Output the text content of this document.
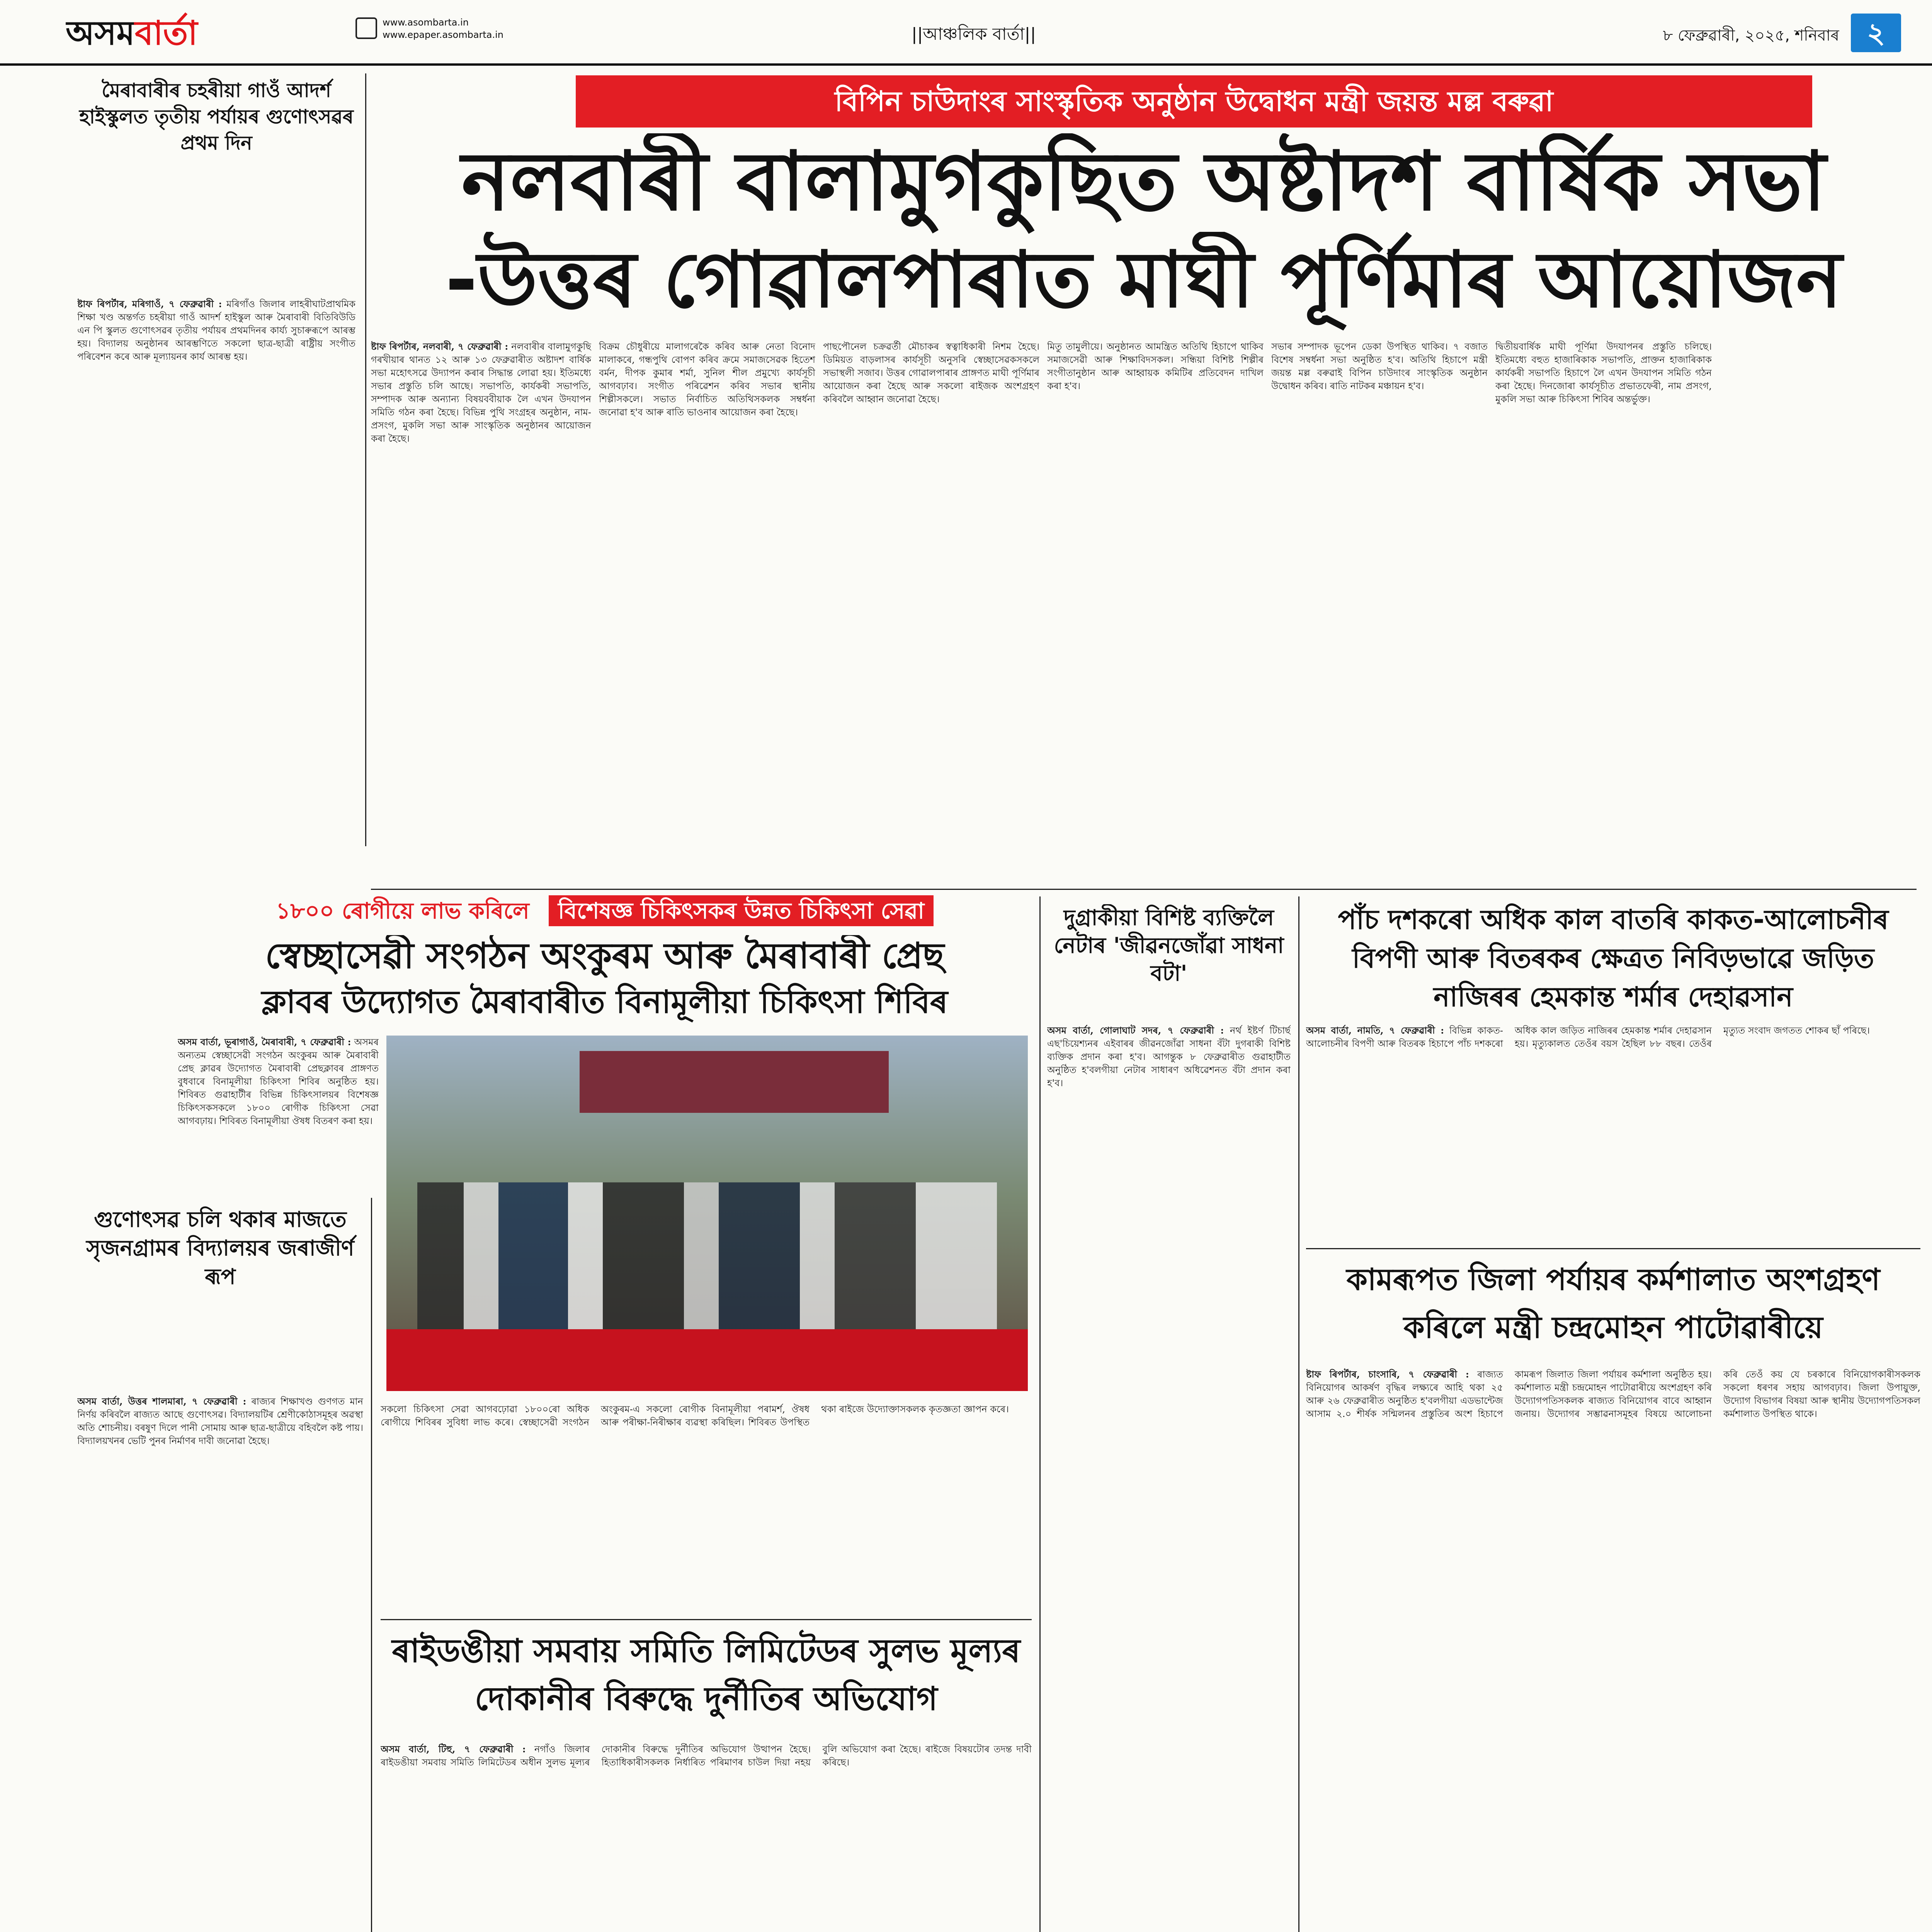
অসমবাৰ্তা	www.asombarta.in
www.epaper.asombarta.in	||আঞ্চলিক বাৰ্তা||	৮ ফেব্ৰুৱাৰী, ২০২৫, শনিবাৰ ২
মৈৰাবাৰীৰ চহৰীয়া গাওঁ আদৰ্শ হাইস্কুলত তৃতীয় পৰ্যায়ৰ গুণোৎসৱৰ প্ৰথম দিন
ষ্টাফ ৰিপৰ্টাৰ, মৰিগাওঁ, ৭ ফেব্ৰুৱাৰী : মৰিগাঁও জিলাৰ লাহৰীঘাটপ্ৰাথমিক শিক্ষা খণ্ড অন্তৰ্গত চহৰীয়া গাওঁ আদৰ্শ হাইস্কুল আৰু মৈৰাবাৰী বিতিবিউডি এন পি স্কুলত গুণোৎসৱৰ তৃতীয় পৰ্যায়ৰ প্ৰথমদিনৰ কাৰ্য্য সুচাৰুৰূপে আৰম্ভ হয়। বিদ্যালয় অনুষ্ঠানৰ আৰম্ভণিতে সকলো ছাত্ৰ-ছাত্ৰী ৰাষ্ট্ৰীয় সংগীত পৰিবেশন কৰে আৰু মূল্যায়নৰ কাৰ্য আৰম্ভ হয়।
বিপিন চাউদাংৰ সাংস্কৃতিক অনুষ্ঠান উদ্বোধন মন্ত্ৰী জয়ন্ত মল্ল বৰুৱা
নলবাৰী বালামুগকুছিত অষ্টাদশ বাৰ্ষিক সভা
-উত্তৰ গোৱালপাৰাত মাঘী পূৰ্ণিমাৰ আয়োজন
ষ্টাফ ৰিপৰ্টাৰ, নলবাৰী, ৭ ফেব্ৰুৱাৰী : নলবাৰীৰ বালামুগকুছি গৰখীয়াৰ থানত ১২ আৰু ১৩ ফেব্ৰুৱাৰীত অষ্টাদশ বাৰ্ষিক সভা মহোৎসৱে উদ্যাপন কৰাৰ সিদ্ধান্ত লোৱা হয়। ইতিমধ্যে সভাৰ প্ৰস্তুতি চলি আছে। সভাপতি, কাৰ্যকৰী সভাপতি, সম্পাদক আৰু অন্যান্য বিষয়ববীয়াক লৈ এখন উদযাপন সমিতি গঠন কৰা হৈছে। বিভিন্ন পুথি সংগ্ৰহৰ অনুষ্ঠান, নাম-প্ৰসংগ, মুকলি সভা আৰু সাংস্কৃতিক অনুষ্ঠানৰ আয়োজন কৰা হৈছে।
বিক্ৰম চৌধুৰীয়ে মালাগৰেকৈ কৰিব আৰু নেতা বিনোদ মালাকৰে, গন্ধপুথি বোপণ কৰিব ক্ৰমে সমাজসেৱক হিতেশ বৰ্মন, দীপক কুমাৰ শৰ্মা, সুনিল শীল প্ৰমুখ্যে কাৰ্যসূচী আগবঢ়াব। সংগীত পৰিৱেশন কৰিব সভাৰ স্থানীয় শিল্পীসকলে। সভাত নিৰ্বাচিত অতিথিসকলক সম্বৰ্ধনা জনোৱা হ'ব আৰু ৰাতি ভাওনাৰ আয়োজন কৰা হৈছে।
পাছপৌনেল চক্ৰৱৰ্তী মৌচাকৰ স্বত্বাধিকাৰী নিশম হৈছে। ডিমিয়ত বাড়লাসৰ কাৰ্যসূচী অনুসৰি স্বেচ্ছাসেৱকসকলে সভাস্থলী সজাব। উত্তৰ গোৱালপাৰাৰ প্ৰাঙ্গণত মাঘী পূৰ্ণিমাৰ আয়োজন কৰা হৈছে আৰু সকলো ৰাইজক অংশগ্ৰহণ কৰিবলৈ আহ্বান জনোৱা হৈছে।
মিতু তামুলীয়ে। অনুষ্ঠানত আমন্ত্ৰিত অতিথি হিচাপে থাকিব সমাজসেৱী আৰু শিক্ষাবিদসকল। সন্ধিয়া বিশিষ্ট শিল্পীৰ সংগীতানুষ্ঠান আৰু আহ্বায়ক কমিটিৰ প্ৰতিবেদন দাখিল কৰা হ'ব।
সভাৰ সম্পাদক ভূপেন ডেকা উপস্থিত থাকিব। ৭ বজাত বিশেষ সম্বৰ্ধনা সভা অনুষ্ঠিত হ'ব। অতিথি হিচাপে মন্ত্ৰী জয়ন্ত মল্ল বৰুৱাই বিপিন চাউদাংৰ সাংস্কৃতিক অনুষ্ঠান উদ্বোধন কৰিব। ৰাতি নাটকৰ মঞ্চায়ন হ'ব।
দ্বিতীয়বাৰ্ষিক মাঘী পূৰ্ণিমা উদযাপনৰ প্ৰস্তুতি চলিছে। ইতিমধ্যে বহুত হাজাৰিকাক সভাপতি, প্ৰাক্তন হাজাৰিকাক কাৰ্যকৰী সভাপতি হিচাপে লৈ এখন উদযাপন সমিতি গঠন কৰা হৈছে। দিনজোৰা কাৰ্যসূচীত প্ৰভাতফেৰী, নাম প্ৰসংগ, মুকলি সভা আৰু চিকিৎসা শিবিৰ অন্তৰ্ভুক্ত।
১৮০০ ৰোগীয়ে লাভ কৰিলে বিশেষজ্ঞ চিকিৎসকৰ উন্নত চিকিৎসা সেৱা
স্বেচ্ছাসেৱী সংগঠন অংকুৰম আৰু মৈৰাবাৰী প্ৰেছ
ক্লাবৰ উদ্যোগত মৈৰাবাৰীত বিনামূলীয়া চিকিৎসা শিবিৰ
অসম বাৰ্তা, ভূৰাগাওঁ, মৈৰাবাৰী, ৭ ফেব্ৰুৱাৰী : অসমৰ অন্যতম স্বেচ্ছাসেৱী সংগঠন অংকুৰম আৰু মৈৰাবাৰী প্ৰেছ ক্লাৱৰ উদ্যোগত মৈৰাবাৰী প্ৰেছক্লাবৰ প্ৰাঙ্গণত বুধবাৰে বিনামূলীয়া চিকিৎসা শিবিৰ অনুষ্ঠিত হয়। শিবিৰত গুৱাহাটীৰ বিভিন্ন চিকিৎসালয়ৰ বিশেষজ্ঞ চিকিৎসকসকলে ১৮০০ ৰোগীক চিকিৎসা সেৱা আগবঢ়ায়। শিবিৰত বিনামূলীয়া ঔষধ বিতৰণ কৰা হয়।
গুণোৎসৱ চলি থকাৰ মাজতে সৃজনগ্ৰামৰ বিদ্যালয়ৰ জৰাজীৰ্ণ ৰূপ
অসম বাৰ্তা, উত্তৰ শালমাৰা, ৭ ফেব্ৰুৱাৰী : ৰাজ্যৰ শিক্ষাখণ্ড গুণগত মান নিৰ্ণয় কৰিবলৈ ৰাজ্যত আছে গুণোৎসৱ। বিদ্যালয়টিৰ শ্ৰেণীকোঠাসমূহৰ অৱস্থা অতি শোচনীয়। বৰষুণ দিলে পানী সোমায় আৰু ছাত্ৰ-ছাত্ৰীয়ে বহিবলৈ কষ্ট পায়। বিদ্যালয়খনৰ ভেটি পুনৰ নিৰ্মাণৰ দাবী জনোৱা হৈছে।
সকলো চিকিৎসা সেৱা আগবঢ়োৱা ১৮০০ৰো অধিক ৰোগীয়ে শিবিৰৰ সুবিধা লাভ কৰে। স্বেচ্ছাসেৱী সংগঠন অংকুৰম-এ সকলো ৰোগীক বিনামূলীয়া পৰামৰ্শ, ঔষধ আৰু পৰীক্ষা-নিৰীক্ষাৰ ব্যৱস্থা কৰিছিল। শিবিৰত উপস্থিত থকা ৰাইজে উদ্যোক্তাসকলক কৃতজ্ঞতা জ্ঞাপন কৰে।
ৰাইডঙীয়া সমবায় সমিতি লিমিটেডৰ সুলভ মূল্যৰ দোকানীৰ বিৰুদ্ধে দুৰ্নীতিৰ অভিযোগ
অসম বাৰ্তা, টিহু, ৭ ফেব্ৰুৱাৰী : নগাঁও জিলাৰ ৰাইডঙীয়া সমবায় সমিতি লিমিটেডৰ অধীন সুলভ মূল্যৰ দোকানীৰ বিৰুদ্ধে দুৰ্নীতিৰ অভিযোগ উত্থাপন হৈছে। হিতাধিকাৰীসকলক নিৰ্ধাৰিত পৰিমাণৰ চাউল দিয়া নহয় বুলি অভিযোগ কৰা হৈছে। ৰাইজে বিষয়টোৰ তদন্ত দাবী কৰিছে।
দুগ্ৰাকীয়া বিশিষ্ট ব্যক্তিলৈ নেটাৰ 'জীৱনজোঁৱা সাধনা বটা'
অসম বাৰ্তা, গোলাঘাট সদৰ, ৭ ফেব্ৰুৱাৰী : নৰ্থ ইষ্টৰ্ণ টিচাৰ্ছ এছ'চিয়েশ্যনৰ এইবাৰৰ জীৱনজোঁৱা সাধনা বঁটা দুগৰাকী বিশিষ্ট ব্যক্তিক প্ৰদান কৰা হ'ব। আগন্তুক ৮ ফেব্ৰুৱাৰীত গুৱাহাটীত অনুষ্ঠিত হ'বলগীয়া নেটাৰ সাধাৰণ অধিৱেশনত বঁটা প্ৰদান কৰা হ'ব।
পাঁচ দশকৰো অধিক কাল বাতৰি কাকত-আলোচনীৰ বিপণী আৰু বিতৰকৰ ক্ষেত্ৰত নিবিড়ভাৱে জড়িত নাজিৰৰ হেমকান্ত শৰ্মাৰ দেহাৱসান
অসম বাৰ্তা, নামতি, ৭ ফেব্ৰুৱাৰী : বিভিন্ন কাকত-আলোচনীৰ বিপণী আৰু বিতৰক হিচাপে পাঁচ দশকৰো অধিক কাল জড়িত নাজিৰৰ হেমকান্ত শৰ্মাৰ দেহাৱসান হয়। মৃত্যুকালত তেওঁৰ বয়স হৈছিল ৮৮ বছৰ। তেওঁৰ মৃত্যুত সংবাদ জগতত শোকৰ ছাঁ পৰিছে।
কামৰূপত জিলা পৰ্যায়ৰ কৰ্মশালাত অংশগ্ৰহণ কৰিলে মন্ত্ৰী চন্দ্ৰমোহন পাটোৱাৰীয়ে
ষ্টাফ ৰিপৰ্টাৰ, চাংসাৰি, ৭ ফেব্ৰুৱাৰী : ৰাজ্যত বিনিয়োগৰ আকৰ্ষণ বৃদ্ধিৰ লক্ষ্যৰে আহি থকা ২৫ আৰু ২৬ ফেব্ৰুৱাৰীত অনুষ্ঠিত হ'বলগীয়া এডভান্টেজ আসাম ২.০ শীৰ্ষক সন্মিলনৰ প্ৰস্তুতিৰ অংশ হিচাপে কামৰূপ জিলাত জিলা পৰ্যায়ৰ কৰ্মশালা অনুষ্ঠিত হয়। কৰ্মশালাত মন্ত্ৰী চন্দ্ৰমোহন পাটোৱাৰীয়ে অংশগ্ৰহণ কৰি উদ্যোগপতিসকলক ৰাজ্যত বিনিয়োগৰ বাবে আহ্বান জনায়। উদ্যোগৰ সম্ভাৱনাসমূহৰ বিষয়ে আলোচনা কৰি তেওঁ কয় যে চৰকাৰে বিনিয়োগকাৰীসকলক সকলো ধৰণৰ সহায় আগবঢ়াব। জিলা উপায়ুক্ত, উদ্যোগ বিভাগৰ বিষয়া আৰু স্থানীয় উদ্যোগপতিসকল কৰ্মশালাত উপস্থিত থাকে।
